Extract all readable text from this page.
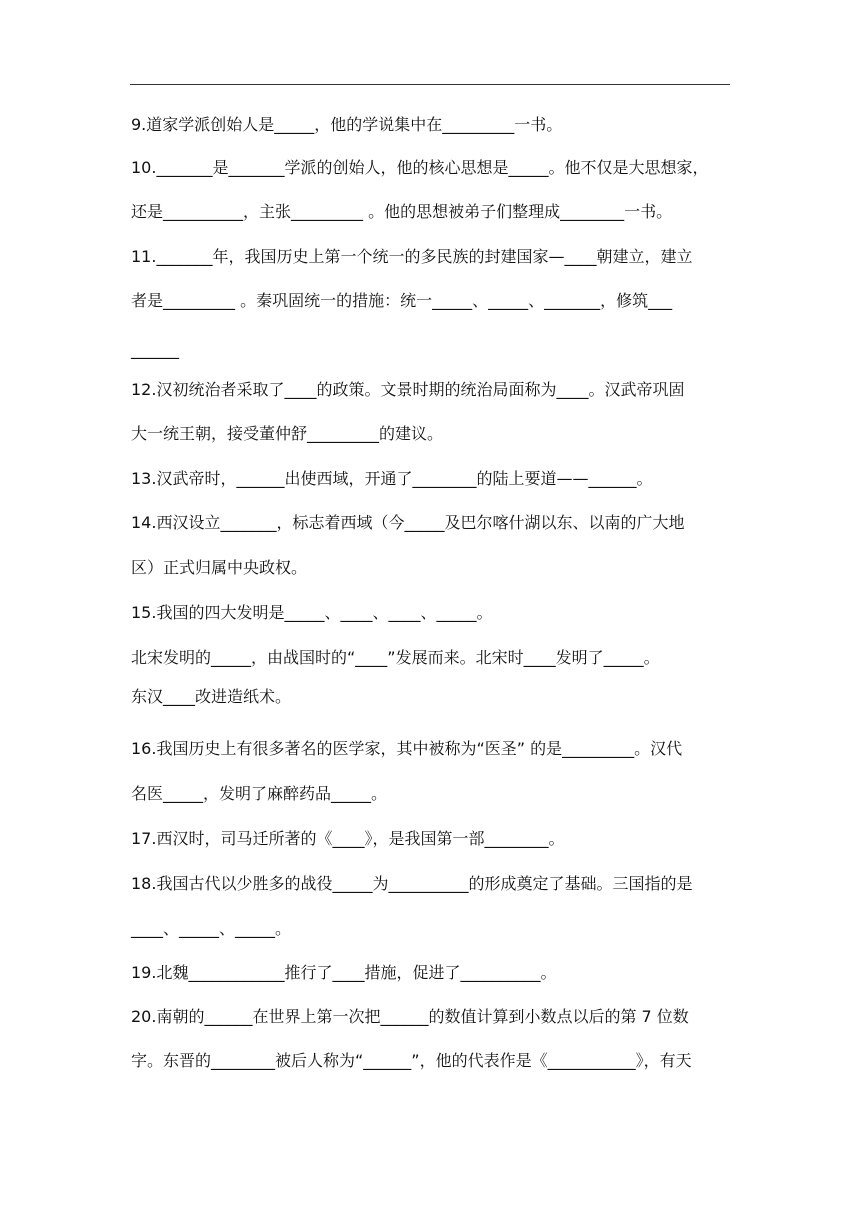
9.道家学派创始人是_____，他的学说集中在_________一书。
10._______是_______学派的创始人，他的核心思想是_____。他不仅是大思想家，
还是__________，主张_________ 。他的思想被弟子们整理成________一书。
11._______年，我国历史上第一个统一的多民族的封建国家—____朝建立，建立
者是_________ 。秦巩固统一的措施：统一_____、_____、_______，修筑___
______
12.汉初统治者采取了____的政策。文景时期的统治局面称为____。汉武帝巩固
大一统王朝，接受董仲舒_________的建议。
13.汉武帝时，______出使西域，开通了________的陆上要道——______。
14.西汉设立_______，标志着西域（今_____及巴尔喀什湖以东、以南的广大地
区）正式归属中央政权。
15.我国的四大发明是_____、____、____、_____。
北宋发明的_____，由战国时的“____”发展而来。北宋时____发明了_____。
东汉____改进造纸术。
16.我国历史上有很多著名的医学家，其中被称为“医圣” 的是_________。汉代
名医_____，发明了麻醉药品_____。
17.西汉时，司马迁所著的《____》，是我国第一部________。
18.我国古代以少胜多的战役_____为__________的形成奠定了基础。三国指的是
____、_____、_____。
19.北魏____________推行了____措施，促进了__________。
20.南朝的______在世界上第一次把______的数值计算到小数点以后的第 7 位数
字。东晋的________被后人称为“______”，他的代表作是《___________》，有天
